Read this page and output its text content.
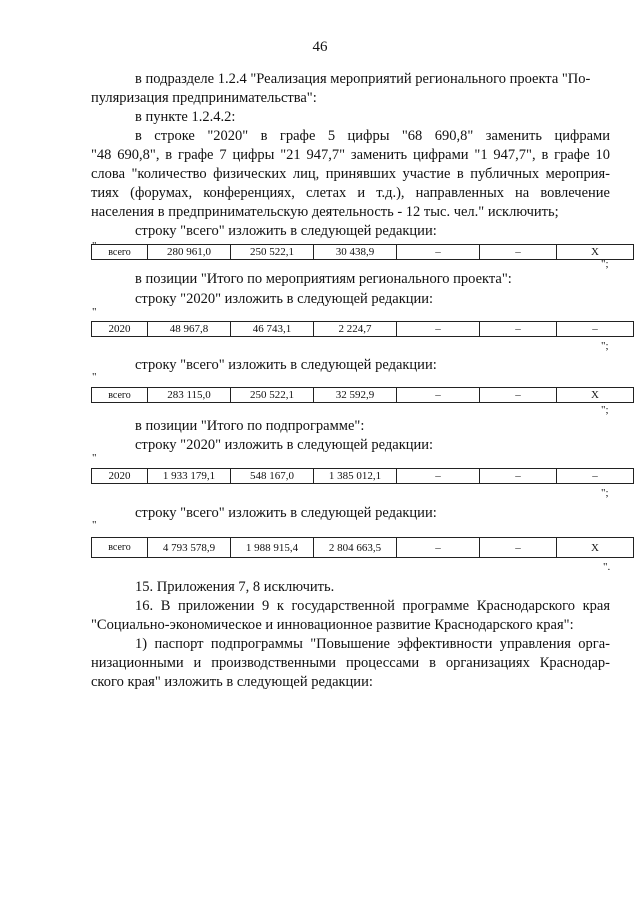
46
в подразделе 1.2.4 "Реализация мероприятий регионального проекта "По-
пуляризация предпринимательства":
в пункте 1.2.4.2:
в строке "2020" в графе 5 цифры "68 690,8" заменить цифрами
"48 690,8", в графе 7 цифры "21 947,7" заменить цифрами "1 947,7", в графе 10
слова "количество физических лиц, принявших участие в публичных мероприя-
тиях (форумах, конференциях, слетах и т.д.), направленных на вовлечение
населения в предпринимательскую деятельность - 12 тыс. чел." исключить;
строку "всего" изложить в следующей редакции:
" всего	280 961,0	250 522,1	30 438,9	–	–	X
";
в позиции "Итого по мероприятиям регионального проекта":
строку "2020" изложить в следующей редакции:
"
2020	48 967,8	46 743,1	2 224,7	–	–	–
";
строку "всего" изложить в следующей редакции:
"
всего	283 115,0	250 522,1	32 592,9	–	–	X
";
в позиции "Итого по подпрограмме":
строку "2020" изложить в следующей редакции:
"
2020	1 933 179,1	548 167,0	1 385 012,1	–	–	–
";
строку "всего" изложить в следующей редакции:
"
всего	4 793 578,9	1 988 915,4	2 804 663,5	–	–	X
".
15. Приложения 7, 8 исключить.
16. В приложении 9 к государственной программе Краснодарского края
"Социально-экономическое и инновационное развитие Краснодарского края":
1) паспорт подпрограммы "Повышение эффективности управления орга-
низационными и производственными процессами в организациях Краснодар-
ского края" изложить в следующей редакции:
